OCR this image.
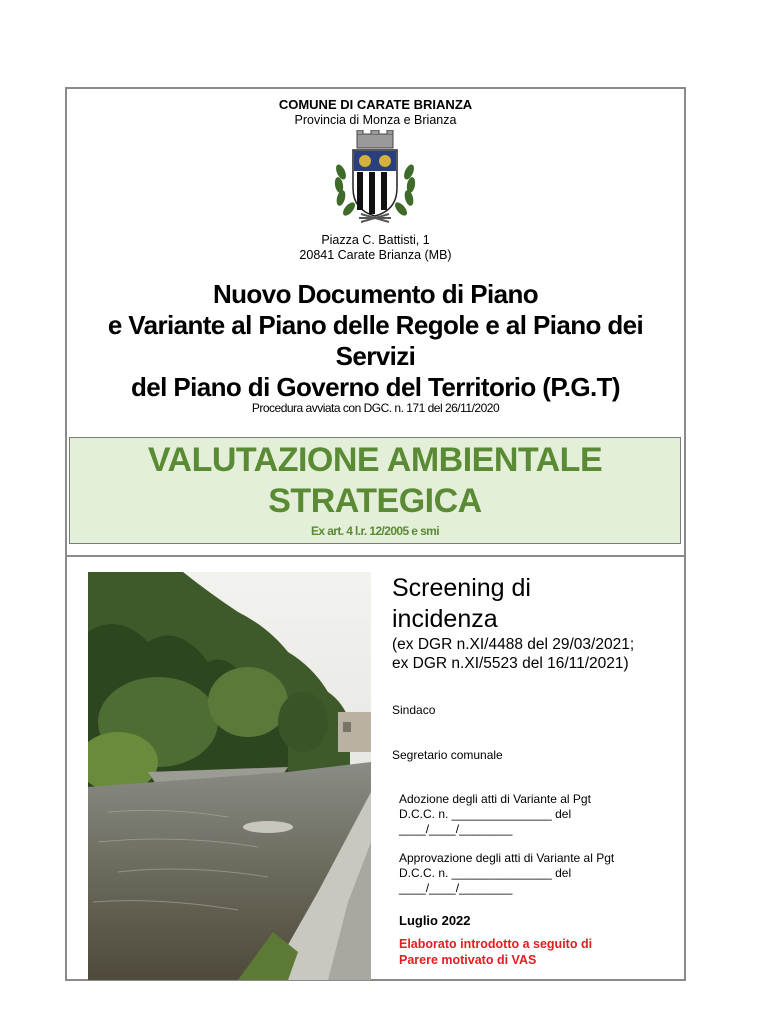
COMUNE DI CARATE BRIANZA
Provincia di Monza e Brianza
Piazza C. Battisti, 1
20841 Carate Brianza (MB)
Nuovo Documento di Piano
e Variante al Piano delle Regole e al Piano dei
Servizi
del Piano di Governo del Territorio (P.G.T)
Procedura avviata con DGC. n. 171 del 26/11/2020
VALUTAZIONE AMBIENTALE
STRATEGICA
Ex art. 4 l.r. 12/2005 e smi
Screening di
incidenza
(ex DGR n.XI/4488 del 29/03/2021;
ex DGR n.XI/5523 del 16/11/2021)
Sindaco
Segretario comunale
Adozione degli atti di Variante al Pgt
D.C.C. n. _______________ del
____/____/________
Approvazione degli atti di Variante al Pgt
D.C.C. n. _______________ del
____/____/________
Luglio 2022
Elaborato introdotto a seguito di
Parere motivato di VAS
